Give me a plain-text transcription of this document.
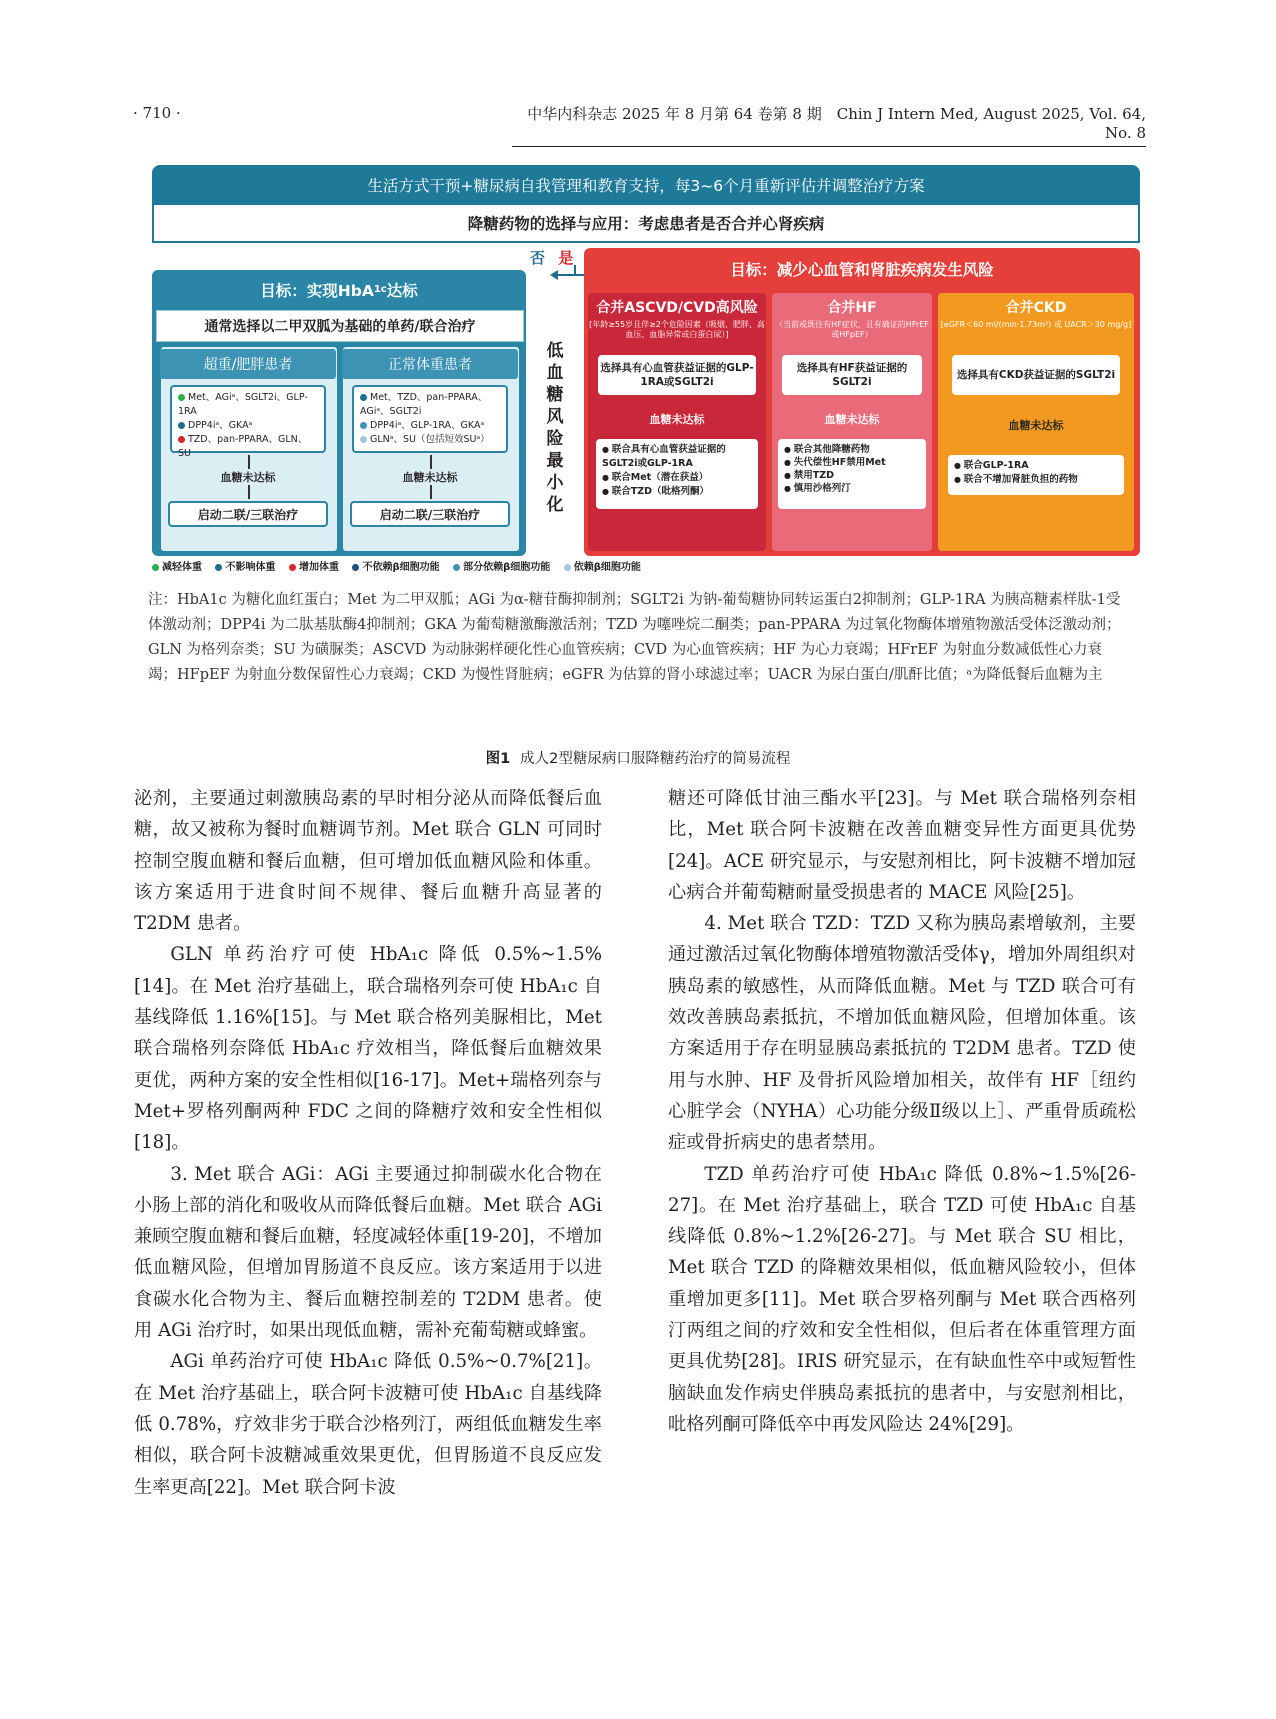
· 710 ·	中华内科杂志 2025 年 8 月第 64 卷第 8 期　Chin J Intern Med, August 2025, Vol. 64, No. 8
生活方式干预+糖尿病自我管理和教育支持，每3~6个月重新评估并调整治疗方案
降糖药物的选择与应用：考虑患者是否合并心肾疾病
否 是
目标：实现HbA 1c 达标
通常选择以二甲双胍为基础的单药/联合治疗
超重/肥胖患者
Met、AGiᵃ、SGLT2i、GLP-1RA
DPP4iᵃ、GKAᵃ
TZD、pan-PPARA、GLN、SU
血糖未达标
启动二联/三联治疗
正常体重患者
Met、TZD、pan-PPARA、AGiᵃ、SGLT2i
DPP4iᵃ、GLP-1RA、GKAᵃ
GLNᵃ、SU（包括短效SUᵃ）
血糖未达标
启动二联/三联治疗
低
血
糖
风
险
最
小
化
目标：减少心血管和肾脏疾病发生风险
合并ASCVD/CVD高风险
[年龄≥55岁且伴≥2个危险因素（吸烟、肥胖、高血压、血脂异常或白蛋白尿）]
选择具有心血管获益证据的GLP-1RA或SGLT2i
血糖未达标
● 联合具有心血管获益证据的SGLT2i或GLP-1RA
● 联合Met（潜在获益）
● 联合TZD（吡格列酮）
合并HF
（当前或既往有HF症状，且有确证的HFrEF或HFpEF）
选择具有HF获益证据的SGLT2i
血糖未达标
● 联合其他降糖药物
● 失代偿性HF禁用Met
● 禁用TZD
● 慎用沙格列汀
合并CKD
[eGFR＜60 ml/(min·1.73m²) 或 UACR＞30 mg/g]
选择具有CKD获益证据的SGLT2i
血糖未达标
● 联合GLP-1RA
● 联合不增加肾脏负担的药物
减轻体重 不影响体重 增加体重 不依赖β细胞功能 部分依赖β细胞功能 依赖β细胞功能
注：HbA1c 为糖化血红蛋白；Met 为二甲双胍；AGi 为α-糖苷酶抑制剂；SGLT2i 为钠-葡萄糖协同转运蛋白2抑制剂；GLP-1RA 为胰高糖素样肽-1受体激动剂；DPP4i 为二肽基肽酶4抑制剂；GKA 为葡萄糖激酶激活剂；TZD 为噻唑烷二酮类；pan-PPARA 为过氧化物酶体增殖物激活受体泛激动剂；GLN 为格列奈类；SU 为磺脲类；ASCVD 为动脉粥样硬化性心血管疾病；CVD 为心血管疾病；HF 为心力衰竭；HFrEF 为射血分数减低性心力衰竭；HFpEF 为射血分数保留性心力衰竭；CKD 为慢性肾脏病；eGFR 为估算的肾小球滤过率；UACR 为尿白蛋白/肌酐比值；ᵃ为降低餐后血糖为主
图1 成人2型糖尿病口服降糖药治疗的简易流程

泌剂，主要通过刺激胰岛素的早时相分泌从而降低餐后血糖，故又被称为餐时血糖调节剂。Met 联合 GLN 可同时控制空腹血糖和餐后血糖，但可增加低血糖风险和体重。该方案适用于进食时间不规律、餐后血糖升高显著的 T2DM 患者。

GLN 单药治疗可使 HbA₁c 降低 0.5%~1.5%[14]。在 Met 治疗基础上，联合瑞格列奈可使 HbA₁c 自基线降低 1.16%[15]。与 Met 联合格列美脲相比，Met 联合瑞格列奈降低 HbA₁c 疗效相当，降低餐后血糖效果更优，两种方案的安全性相似[16-17]。Met+瑞格列奈与 Met+罗格列酮两种 FDC 之间的降糖疗效和安全性相似[18]。

3. Met 联合 AGi：AGi 主要通过抑制碳水化合物在小肠上部的消化和吸收从而降低餐后血糖。Met 联合 AGi 兼顾空腹血糖和餐后血糖，轻度减轻体重[19-20]，不增加低血糖风险，但增加胃肠道不良反应。该方案适用于以进食碳水化合物为主、餐后血糖控制差的 T2DM 患者。使用 AGi 治疗时，如果出现低血糖，需补充葡萄糖或蜂蜜。

AGi 单药治疗可使 HbA₁c 降低 0.5%~0.7%[21]。在 Met 治疗基础上，联合阿卡波糖可使 HbA₁c 自基线降低 0.78%，疗效非劣于联合沙格列汀，两组低血糖发生率相似，联合阿卡波糖减重效果更优，但胃肠道不良反应发生率更高[22]。Met 联合阿卡波

糖还可降低甘油三酯水平[23]。与 Met 联合瑞格列奈相比，Met 联合阿卡波糖在改善血糖变异性方面更具优势[24]。ACE 研究显示，与安慰剂相比，阿卡波糖不增加冠心病合并葡萄糖耐量受损患者的 MACE 风险[25]。

4. Met 联合 TZD：TZD 又称为胰岛素增敏剂，主要通过激活过氧化物酶体增殖物激活受体γ，增加外周组织对胰岛素的敏感性，从而降低血糖。Met 与 TZD 联合可有效改善胰岛素抵抗，不增加低血糖风险，但增加体重。该方案适用于存在明显胰岛素抵抗的 T2DM 患者。TZD 使用与水肿、HF 及骨折风险增加相关，故伴有 HF［纽约心脏学会（NYHA）心功能分级Ⅱ级以上］、严重骨质疏松症或骨折病史的患者禁用。

TZD 单药治疗可使 HbA₁c 降低 0.8%~1.5%[26-27]。在 Met 治疗基础上，联合 TZD 可使 HbA₁c 自基线降低 0.8%~1.2%[26-27]。与 Met 联合 SU 相比，Met 联合 TZD 的降糖效果相似，低血糖风险较小，但体重增加更多[11]。Met 联合罗格列酮与 Met 联合西格列汀两组之间的疗效和安全性相似，但后者在体重管理方面更具优势[28]。IRIS 研究显示，在有缺血性卒中或短暂性脑缺血发作病史伴胰岛素抵抗的患者中，与安慰剂相比，吡格列酮可降低卒中再发风险达 24%[29]。
